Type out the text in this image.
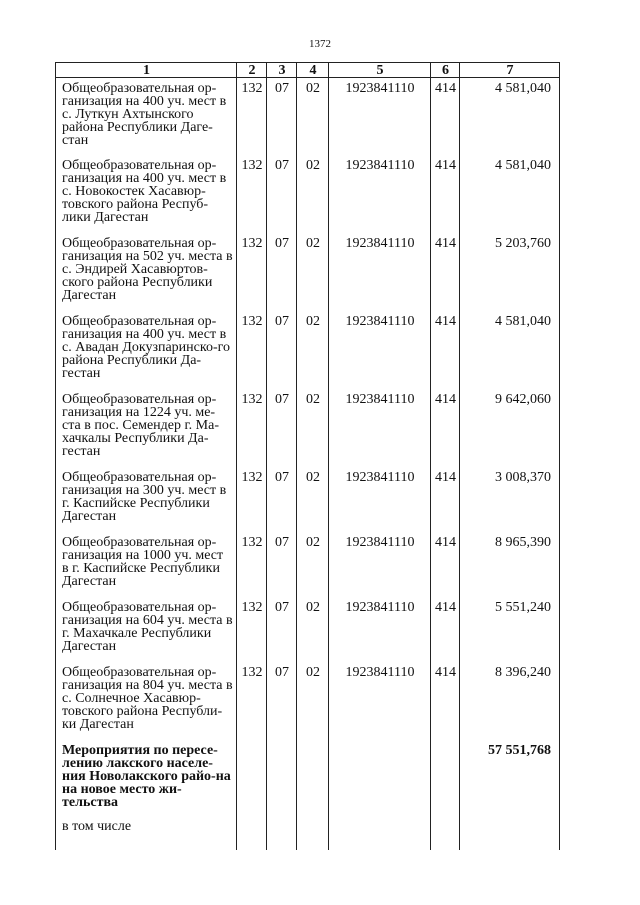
1372
1	2	3	4	5	6	7
Общеобразовательная ор-ганизация на 400 уч. мест в с. Луткун Ахтынского района Республики Даге-стан	132	07	02	1923841110	414	4 581,040
Общеобразовательная ор-ганизация на 400 уч. мест в с. Новокостек Хасавюр-товского района Респуб-лики Дагестан	132	07	02	1923841110	414	4 581,040
Общеобразовательная ор-ганизация на 502 уч. места в с. Эндирей Хасавюртов-ского района Республики Дагестан	132	07	02	1923841110	414	5 203,760
Общеобразовательная ор-ганизация на 400 уч. мест в с. Авадан Докузпаринско-го района Республики Да-гестан	132	07	02	1923841110	414	4 581,040
Общеобразовательная ор-ганизация на 1224 уч. ме-ста в пос. Семендер г. Ма-хачкалы Республики Да-гестан	132	07	02	1923841110	414	9 642,060
Общеобразовательная ор-ганизация на 300 уч. мест в г. Каспийске Республики Дагестан	132	07	02	1923841110	414	3 008,370
Общеобразовательная ор-ганизация на 1000 уч. мест в г. Каспийске Республики Дагестан	132	07	02	1923841110	414	8 965,390
Общеобразовательная ор-ганизация на 604 уч. места в г. Махачкале Республики Дагестан	132	07	02	1923841110	414	5 551,240
Общеобразовательная ор-ганизация на 804 уч. места в с. Солнечное Хасавюр-товского района Республи-ки Дагестан	132	07	02	1923841110	414	8 396,240
Мероприятия по пересе-лению лакского населе-ния Новолакского райо-на на новое место жи-тельства						57 551,768
в том числе						
